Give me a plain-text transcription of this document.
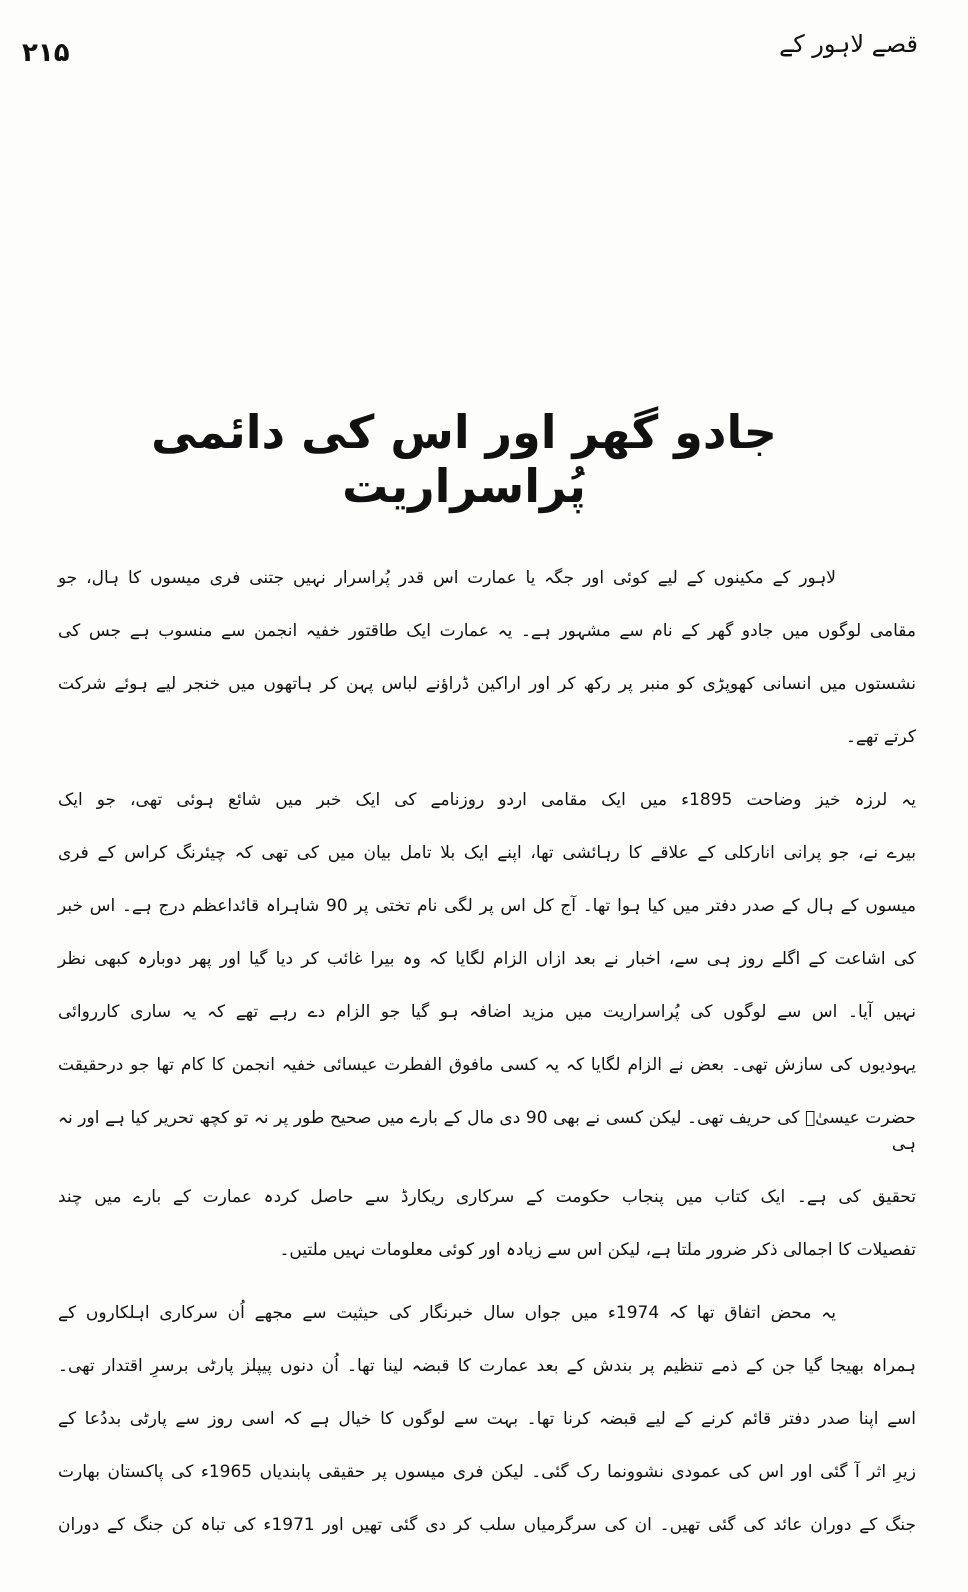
۲۱۵	قصے لاہور کے
جادو گھر اور اس کی دائمی پُراسراریت
لاہور کے مکینوں کے لیے کوئی اور جگہ یا عمارت اس قدر پُراسرار نہیں جتنی فری میسوں کا ہال، جو
مقامی لوگوں میں جادو گھر کے نام سے مشہور ہے۔ یہ عمارت ایک طاقتور خفیہ انجمن سے منسوب ہے جس کی
نشستوں میں انسانی کھوپڑی کو منبر پر رکھ کر اور اراکین ڈراؤنے لباس پہن کر ہاتھوں میں خنجر لیے ہوئے شرکت
کرتے تھے۔
یہ لرزہ خیز وضاحت 1895ء میں ایک مقامی اردو روزنامے کی ایک خبر میں شائع ہوئی تھی، جو ایک
بیرے نے، جو پرانی انارکلی کے علاقے کا رہائشی تھا، اپنے ایک بلا تامل بیان میں کی تھی کہ چیئرنگ کراس کے فری
میسوں کے ہال کے صدر دفتر میں کیا ہوا تھا۔ آج کل اس پر لگی نام تختی پر 90 شاہراہ قائداعظم درج ہے۔ اس خبر
کی اشاعت کے اگلے روز ہی سے، اخبار نے بعد ازاں الزام لگایا کہ وہ بیرا غائب کر دیا گیا اور پھر دوبارہ کبھی نظر
نہیں آیا۔ اس سے لوگوں کی پُراسراریت میں مزید اضافہ ہو گیا جو الزام دے رہے تھے کہ یہ ساری کارروائی
یہودیوں کی سازش تھی۔ بعض نے الزام لگایا کہ یہ کسی مافوق الفطرت عیسائی خفیہ انجمن کا کام تھا جو درحقیقت
حضرت عیسیٰؑ کی حریف تھی۔ لیکن کسی نے بھی 90 دی مال کے بارے میں صحیح طور پر نہ تو کچھ تحریر کیا ہے اور نہ ہی
تحقیق کی ہے۔ ایک کتاب میں پنجاب حکومت کے سرکاری ریکارڈ سے حاصل کردہ عمارت کے بارے میں چند
تفصیلات کا اجمالی ذکر ضرور ملتا ہے، لیکن اس سے زیادہ اور کوئی معلومات نہیں ملتیں۔
یہ محض اتفاق تھا کہ 1974ء میں جواں سال خبرنگار کی حیثیت سے مجھے اُن سرکاری اہلکاروں کے
ہمراہ بھیجا گیا جن کے ذمے تنظیم پر بندش کے بعد عمارت کا قبضہ لینا تھا۔ اُن دنوں پیپلز پارٹی برسرِ اقتدار تھی۔
اسے اپنا صدر دفتر قائم کرنے کے لیے قبضہ کرنا تھا۔ بہت سے لوگوں کا خیال ہے کہ اسی روز سے پارٹی بددُعا کے
زیرِ اثر آ گئی اور اس کی عمودی نشوونما رک گئی۔ لیکن فری میسوں پر حقیقی پابندیاں 1965ء کی پاکستان بھارت
جنگ کے دوران عائد کی گئی تھیں۔ ان کی سرگرمیاں سلب کر دی گئی تھیں اور 1971ء کی تباہ کن جنگ کے دوران
